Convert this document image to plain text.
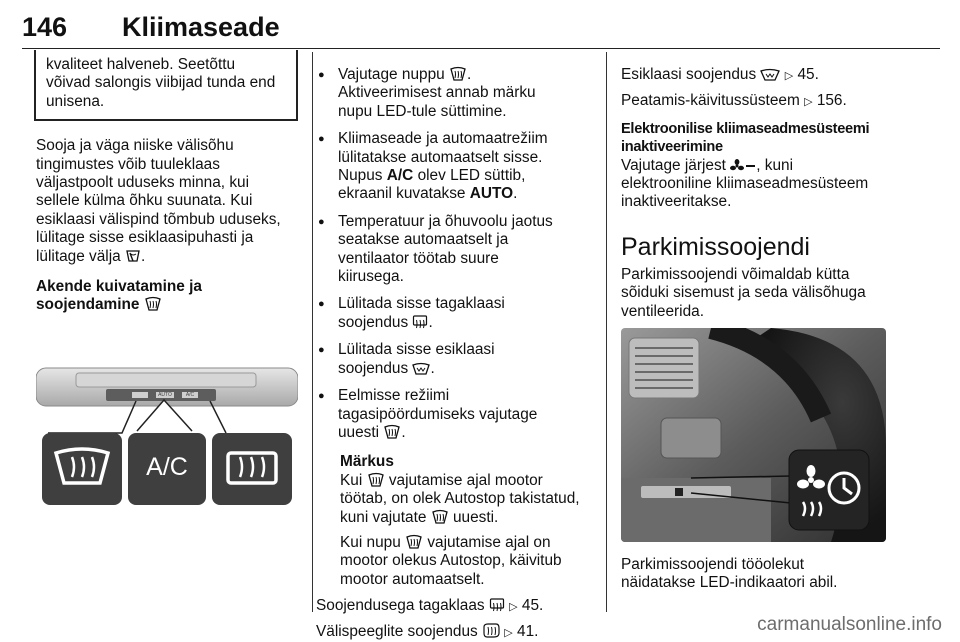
146 Kliimaseade

kvaliteet halveneb. Seetõttu

võivad salongis viibijad tunda end

unisena.

Sooja ja väga niiske välisõhu

tingimustes võib tuuleklaas

väljastpoolt uduseks minna, kui

sellele külma õhku suunata. Kui

esiklaasi välispind tõmbub uduseks,

lülitage sisse esiklaasipuhasti ja

lülitage välja .

Akende kuivatamine ja

soojendamine

A/C
AUTO	A/C

● Vajutage nuppu .

Aktiveerimisest annab märku

nupu LED-tule süttimine.

● Kliimaseade ja automaatrežiim

lülitatakse automaatselt sisse.

Nupus A/C olev LED süttib,

ekraanil kuvatakse AUTO.

● Temperatuur ja õhuvoolu jaotus

seatakse automaatselt ja

ventilaator töötab suure

kiirusega.

● Lülitada sisse tagaklaasi

soojendus .

● Lülitada sisse esiklaasi

soojendus .

● Eelmisse režiimi

tagasipöördumiseks vajutage

uuesti .

Märkus

Kui vajutamise ajal mootor

töötab, on olek Autostop takistatud,

kuni vajutate uuesti.

Kui nupu vajutamise ajal on

mootor olekus Autostop, käivitub

mootor automaatselt.

Soojendusega tagaklaas ▷ 45.

Välispeeglite soojendus ▷ 41.

Esiklaasi soojendus	▷ 45.

Peatamis-käivitussüsteem ▷ 156.

Elektroonilise kliimaseadmesüsteemi

inaktiveerimine

Vajutage järjest , kuni

elektrooniline kliimaseadmesüsteem

inaktiveeritakse.

Parkimissoojendi

Parkimissoojendi võimaldab kütta

sõiduki sisemust ja seda välisõhuga

ventileerida.

Parkimissoojendi tööolekut

näidatakse LED-indikaatori abil.

carmanualsonline.info
